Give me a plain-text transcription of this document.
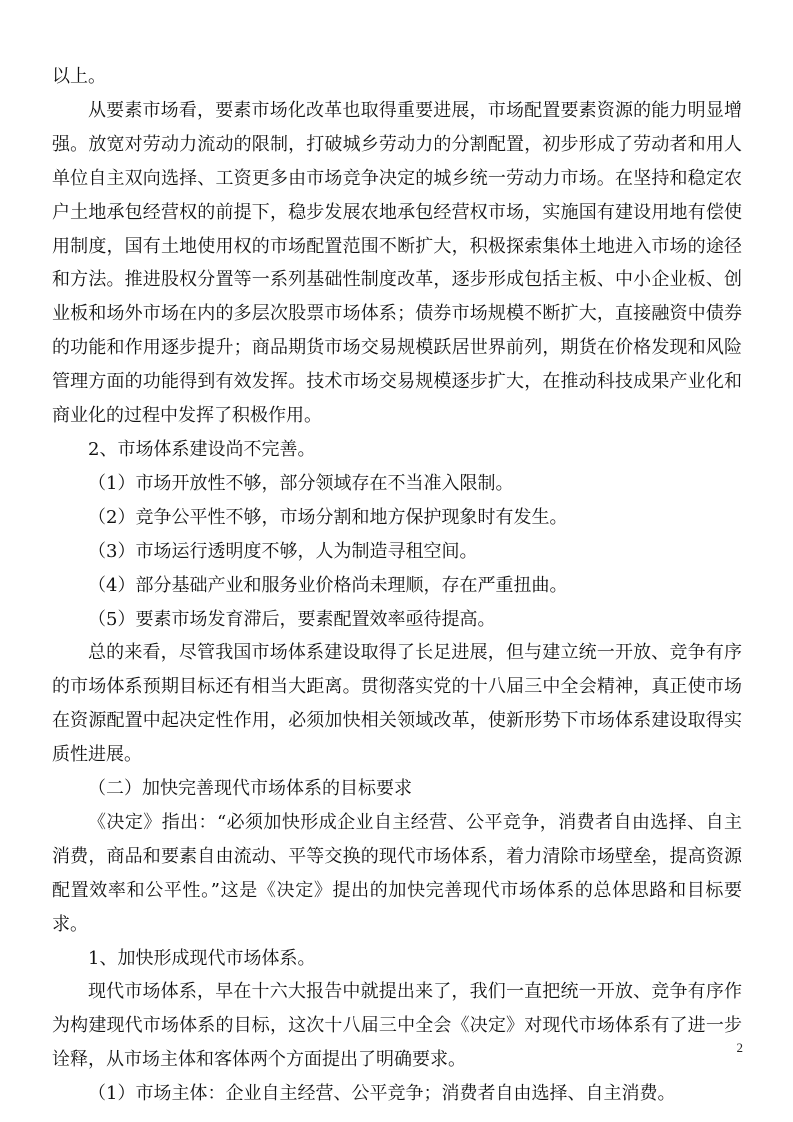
以上。

从要素市场看，要素市场化改革也取得重要进展，市场配置要素资源的能力明显增强。放宽对劳动力流动的限制，打破城乡劳动力的分割配置，初步形成了劳动者和用人单位自主双向选择、工资更多由市场竞争决定的城乡统一劳动力市场。在坚持和稳定农户土地承包经营权的前提下，稳步发展农地承包经营权市场，实施国有建设用地有偿使用制度，国有土地使用权的市场配置范围不断扩大，积极探索集体土地进入市场的途径和方法。推进股权分置等一系列基础性制度改革，逐步形成包括主板、中小企业板、创业板和场外市场在内的多层次股票市场体系；债券市场规模不断扩大，直接融资中债券的功能和作用逐步提升；商品期货市场交易规模跃居世界前列，期货在价格发现和风险管理方面的功能得到有效发挥。技术市场交易规模逐步扩大，在推动科技成果产业化和商业化的过程中发挥了积极作用。

2、市场体系建设尚不完善。

（1）市场开放性不够，部分领域存在不当准入限制。

（2）竞争公平性不够，市场分割和地方保护现象时有发生。

（3）市场运行透明度不够，人为制造寻租空间。

（4）部分基础产业和服务业价格尚未理顺，存在严重扭曲。

（5）要素市场发育滞后，要素配置效率亟待提高。

总的来看，尽管我国市场体系建设取得了长足进展，但与建立统一开放、竞争有序的市场体系预期目标还有相当大距离。贯彻落实党的十八届三中全会精神，真正使市场在资源配置中起决定性作用，必须加快相关领域改革，使新形势下市场体系建设取得实质性进展。

（二）加快完善现代市场体系的目标要求

《决定》指出：“必须加快形成企业自主经营、公平竞争，消费者自由选择、自主消费，商品和要素自由流动、平等交换的现代市场体系，着力清除市场壁垒，提高资源配置效率和公平性。”这是《决定》提出的加快完善现代市场体系的总体思路和目标要求。

1、加快形成现代市场体系。

现代市场体系，早在十六大报告中就提出来了，我们一直把统一开放、竞争有序作为构建现代市场体系的目标，这次十八届三中全会《决定》对现代市场体系有了进一步诠释，从市场主体和客体两个方面提出了明确要求。

（1）市场主体：企业自主经营、公平竞争；消费者自由选择、自主消费。

2
